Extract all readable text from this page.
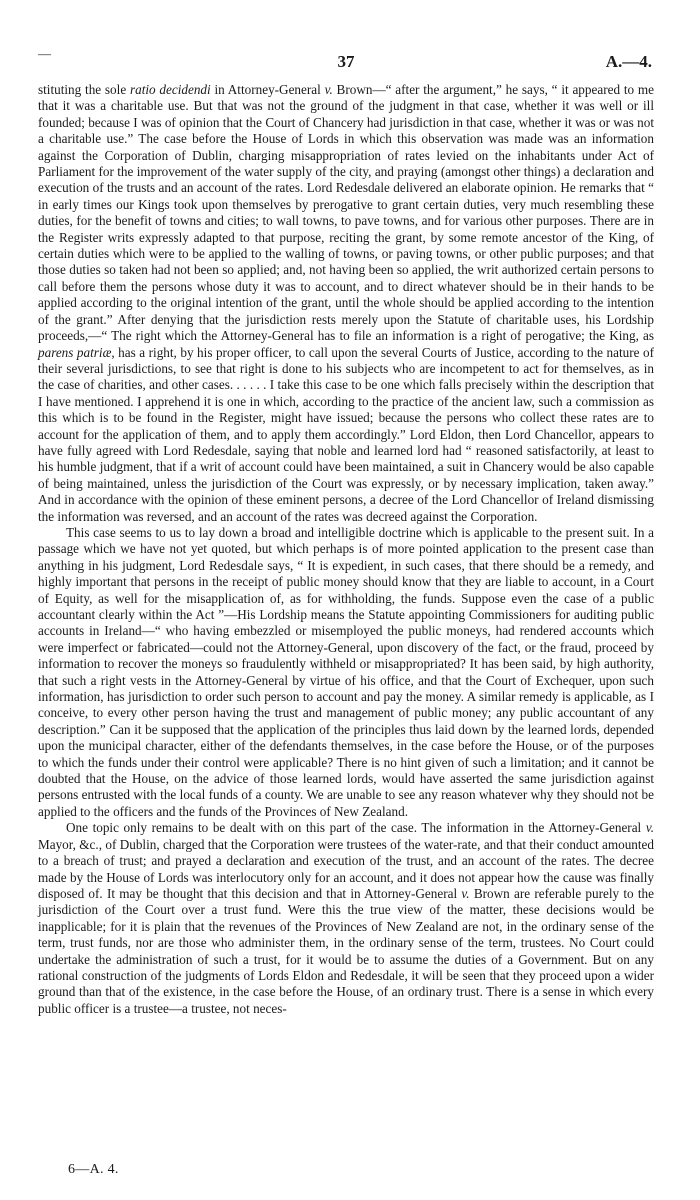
—	37	A.—4.

stituting the sole ratio decidendi in Attorney-General v. Brown—“ after the argument,” he says, “ it appeared to me that it was a charitable use. But that was not the ground of the judgment in that case, whether it was well or ill founded; because I was of opinion that the Court of Chancery had jurisdiction in that case, whether it was or was not a charitable use.” The case before the House of Lords in which this observation was made was an information against the Corporation of Dublin, charging misappropriation of rates levied on the inhabitants under Act of Parliament for the improvement of the water supply of the city, and praying (amongst other things) a declaration and execution of the trusts and an account of the rates. Lord Redesdale delivered an elaborate opinion. He remarks that “ in early times our Kings took upon themselves by prerogative to grant certain duties, very much resembling these duties, for the benefit of towns and cities; to wall towns, to pave towns, and for various other purposes. There are in the Register writs expressly adapted to that purpose, reciting the grant, by some remote ancestor of the King, of certain duties which were to be applied to the walling of towns, or paving towns, or other public purposes; and that those duties so taken had not been so applied; and, not having been so applied, the writ authorized certain persons to call before them the persons whose duty it was to account, and to direct whatever should be in their hands to be applied according to the original intention of the grant, until the whole should be applied according to the intention of the grant.” After denying that the jurisdiction rests merely upon the Statute of charitable uses, his Lordship proceeds,—“ The right which the Attorney-General has to file an information is a right of perogative; the King, as parens patriæ, has a right, by his proper officer, to call upon the several Courts of Justice, according to the nature of their several jurisdictions, to see that right is done to his subjects who are incompetent to act for themselves, as in the case of charities, and other cases. . . . . . I take this case to be one which falls precisely within the description that I have mentioned. I apprehend it is one in which, according to the practice of the ancient law, such a commission as this which is to be found in the Register, might have issued; because the persons who collect these rates are to account for the application of them, and to apply them accordingly.” Lord Eldon, then Lord Chancellor, appears to have fully agreed with Lord Redesdale, saying that noble and learned lord had “ reasoned satisfactorily, at least to his humble judgment, that if a writ of account could have been maintained, a suit in Chancery would be also capable of being maintained, unless the jurisdiction of the Court was expressly, or by necessary implication, taken away.” And in accordance with the opinion of these eminent persons, a decree of the Lord Chancellor of Ireland dismissing the information was reversed, and an account of the rates was decreed against the Corporation.

This case seems to us to lay down a broad and intelligible doctrine which is applicable to the present suit. In a passage which we have not yet quoted, but which perhaps is of more pointed application to the present case than anything in his judgment, Lord Redesdale says, “ It is expedient, in such cases, that there should be a remedy, and highly important that persons in the receipt of public money should know that they are liable to account, in a Court of Equity, as well for the misapplication of, as for withholding, the funds. Suppose even the case of a public accountant clearly within the Act ”—His Lordship means the Statute appointing Commissioners for auditing public accounts in Ireland—“ who having embezzled or misemployed the public moneys, had rendered accounts which were imperfect or fabricated—could not the Attorney-General, upon discovery of the fact, or the fraud, proceed by information to recover the moneys so fraudulently withheld or misappropriated? It has been said, by high authority, that such a right vests in the Attorney-General by virtue of his office, and that the Court of Exchequer, upon such information, has jurisdiction to order such person to account and pay the money. A similar remedy is applicable, as I conceive, to every other person having the trust and management of public money; any public accountant of any description.” Can it be supposed that the application of the principles thus laid down by the learned lords, depended upon the municipal character, either of the defendants themselves, in the case before the House, or of the purposes to which the funds under their control were applicable? There is no hint given of such a limitation; and it cannot be doubted that the House, on the advice of those learned lords, would have asserted the same jurisdiction against persons entrusted with the local funds of a county. We are unable to see any reason whatever why they should not be applied to the officers and the funds of the Provinces of New Zealand.

One topic only remains to be dealt with on this part of the case. The information in the Attorney-General v. Mayor, &c., of Dublin, charged that the Corporation were trustees of the water-rate, and that their conduct amounted to a breach of trust; and prayed a declaration and execution of the trust, and an account of the rates. The decree made by the House of Lords was interlocutory only for an account, and it does not appear how the cause was finally disposed of. It may be thought that this decision and that in Attorney-General v. Brown are referable purely to the jurisdiction of the Court over a trust fund. Were this the true view of the matter, these decisions would be inapplicable; for it is plain that the revenues of the Provinces of New Zealand are not, in the ordinary sense of the term, trust funds, nor are those who administer them, in the ordinary sense of the term, trustees. No Court could undertake the administration of such a trust, for it would be to assume the duties of a Government. But on any rational construction of the judgments of Lords Eldon and Redesdale, it will be seen that they proceed upon a wider ground than that of the existence, in the case before the House, of an ordinary trust. There is a sense in which every public officer is a trustee—a trustee, not neces-

6—A. 4.
